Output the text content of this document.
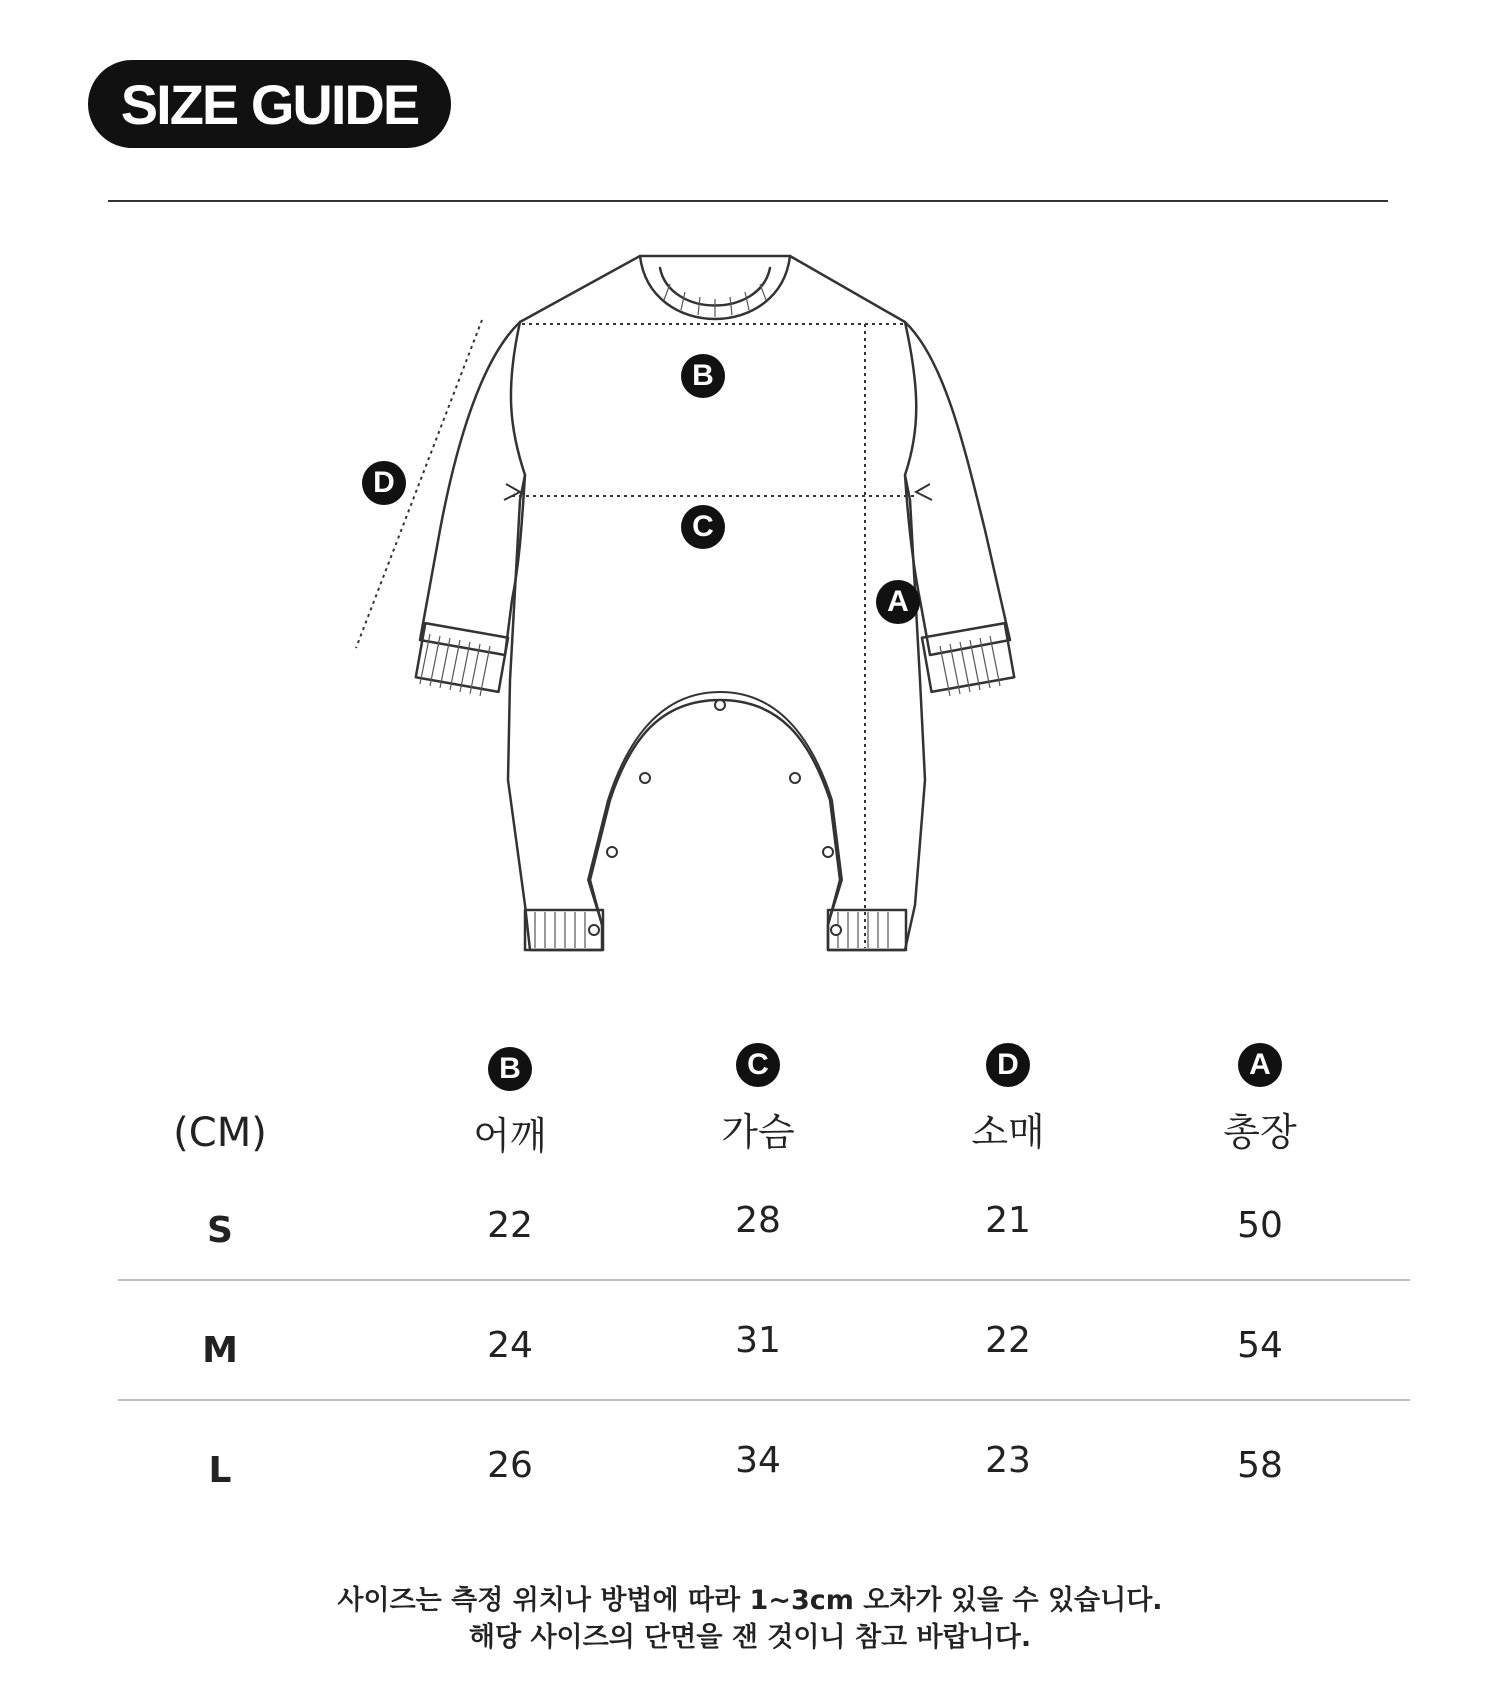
SIZE GUIDE
B
C
A
D
(CM)
B	C	D	A
어깨	가슴	소매	총장
S	22	28	21	50
M	24	31	22	54
L	26	34	23	58
사이즈는 측정 위치나 방법에 따라 1~3cm 오차가 있을 수 있습니다.
해당 사이즈의 단면을 잰 것이니 참고 바랍니다.
